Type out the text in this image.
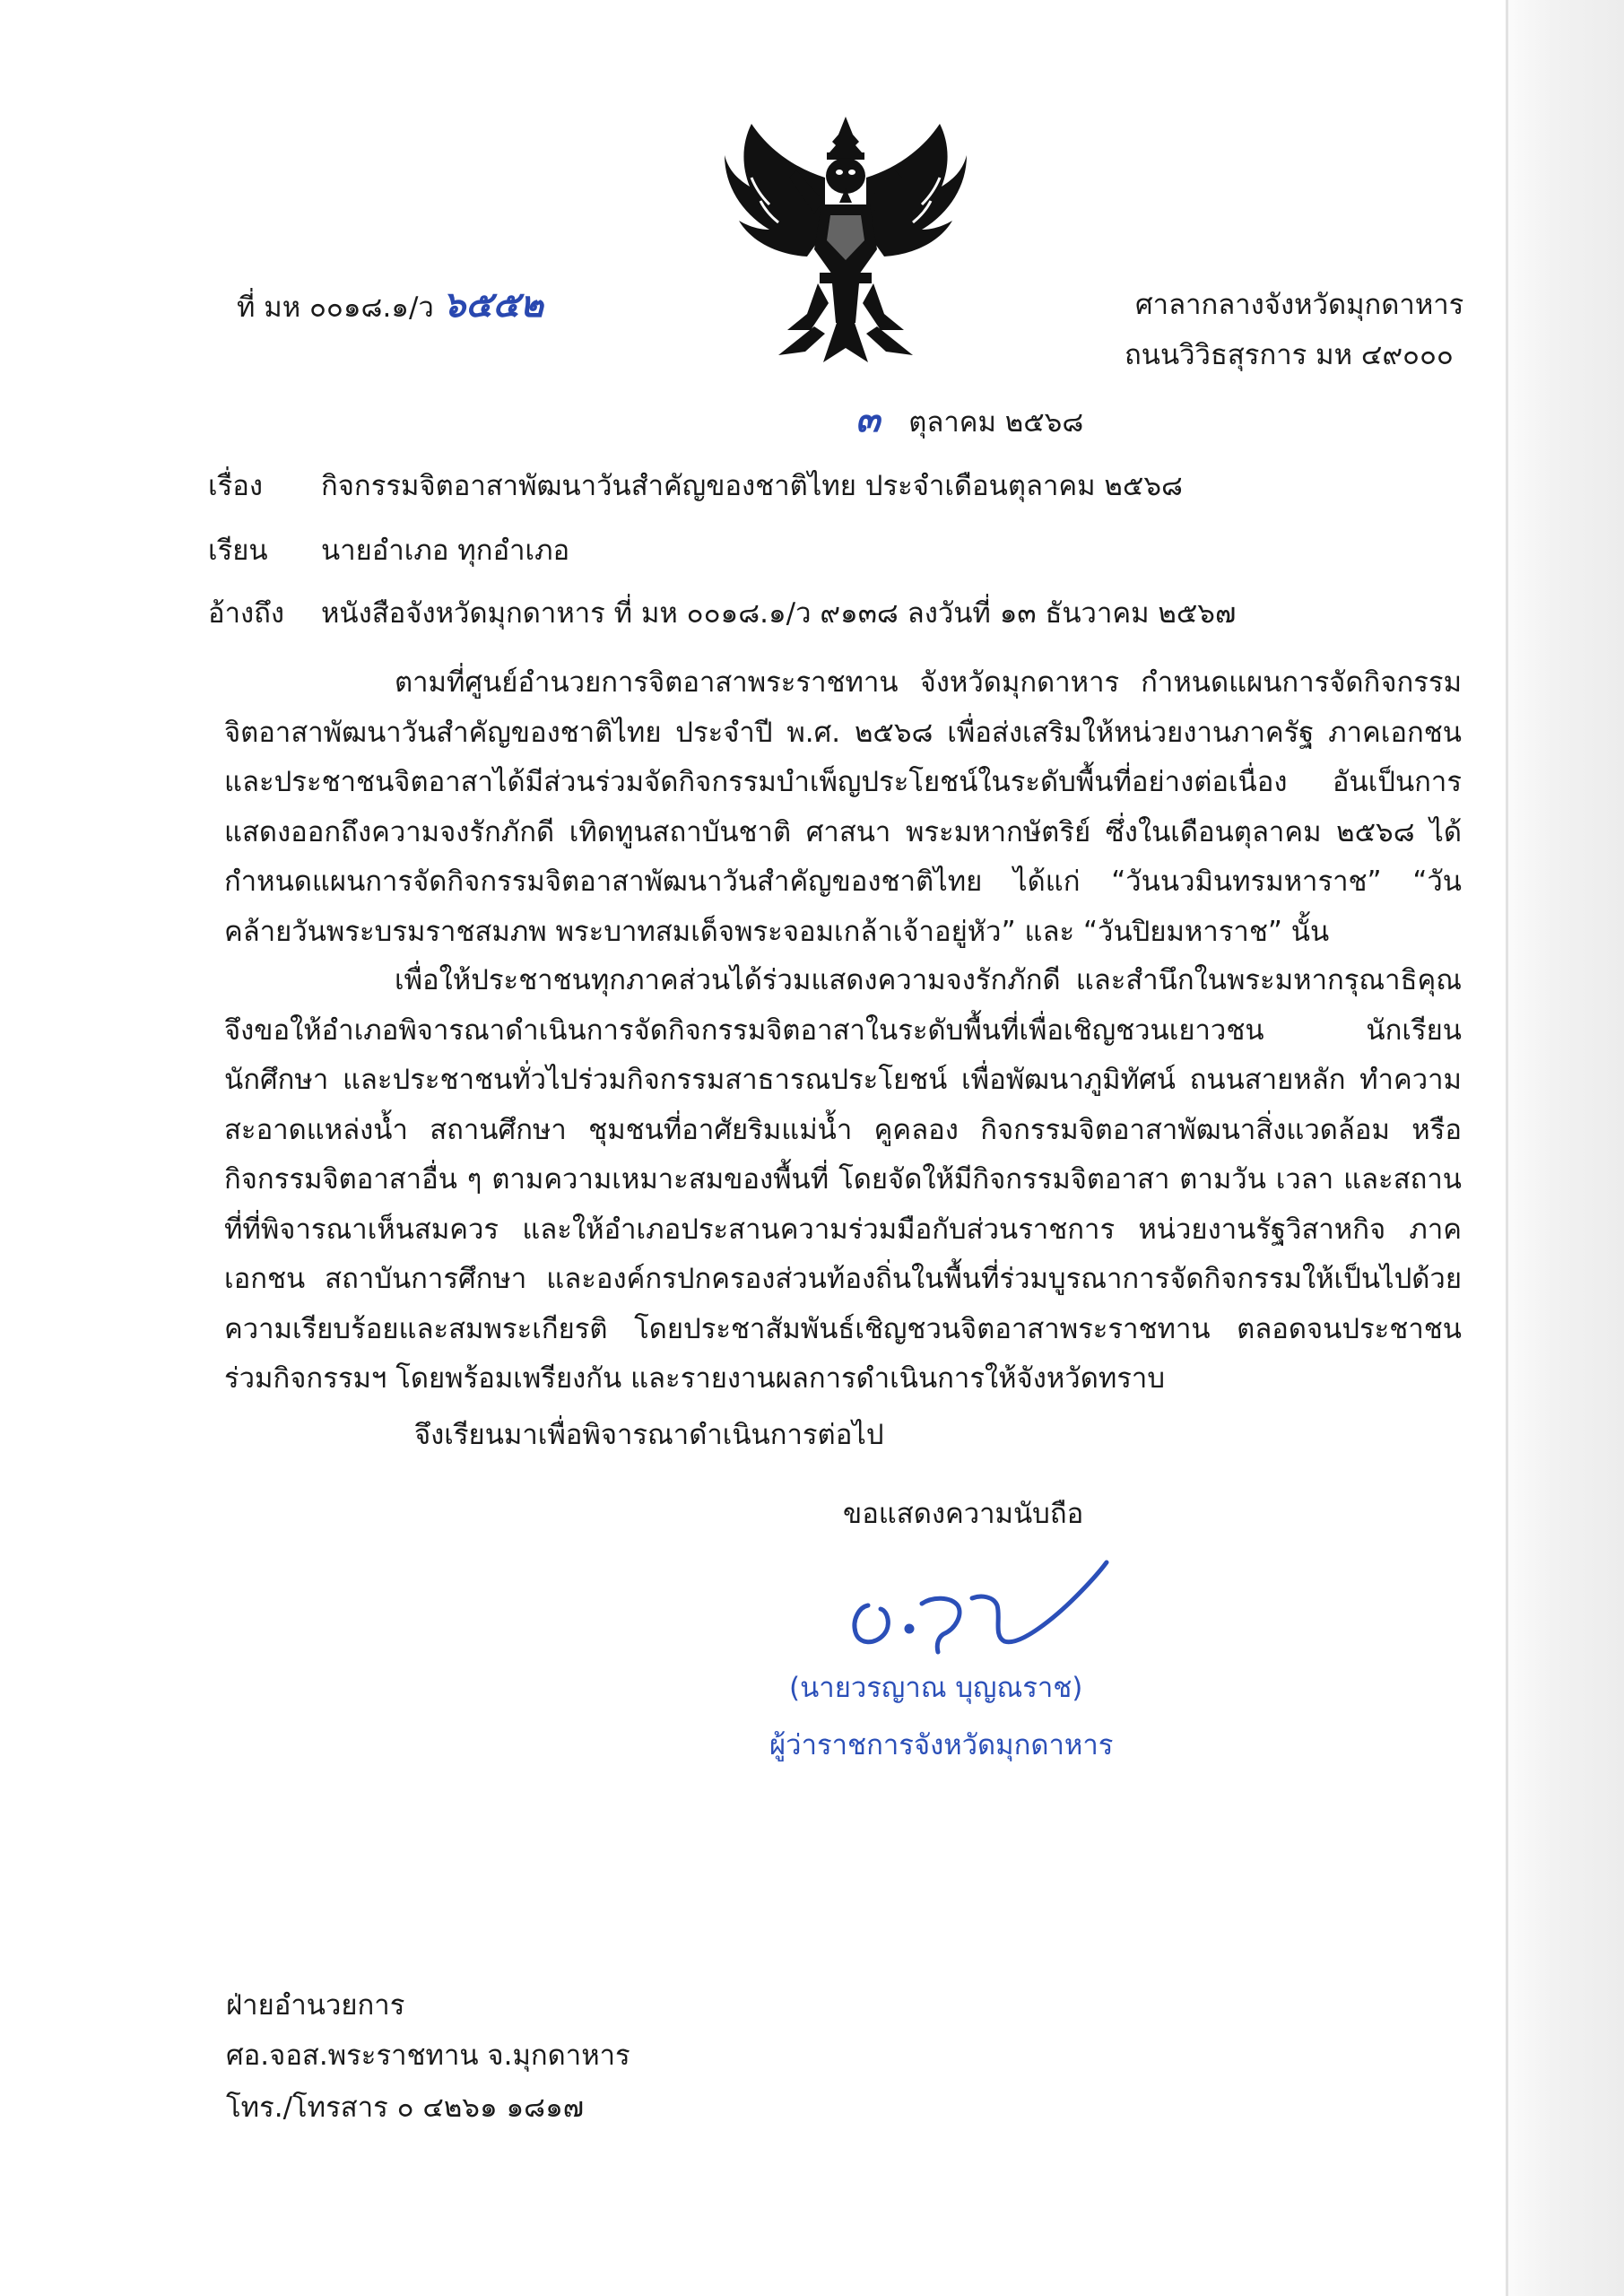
ที่ มห ๐๐๑๘.๑/ว ๖๕๕๒	ศาลากลางจังหวัดมุกดาหาร
ถนนวิวิธสุรการ มห ๔๙๐๐๐
๓ ตุลาคม ๒๕๖๘
เรื่อง กิจกรรมจิตอาสาพัฒนาวันสำคัญของชาติไทย ประจำเดือนตุลาคม ๒๕๖๘
เรียน นายอำเภอ ทุกอำเภอ
อ้างถึง หนังสือจังหวัดมุกดาหาร ที่ มห ๐๐๑๘.๑/ว ๙๑๓๘ ลงวันที่ ๑๓ ธันวาคม ๒๕๖๗
ตามที่ศูนย์อำนวยการจิตอาสาพระราชทาน จังหวัดมุกดาหาร กำหนดแผนการจัดกิจกรรมจิตอาสาพัฒนาวันสำคัญของชาติไทย ประจำปี พ.ศ. ๒๕๖๘ เพื่อส่งเสริมให้หน่วยงานภาครัฐ ภาคเอกชน และประชาชนจิตอาสาได้มีส่วนร่วมจัดกิจกรรมบำเพ็ญประโยชน์ในระดับพื้นที่อย่างต่อเนื่อง อันเป็นการแสดงออกถึงความจงรักภักดี เทิดทูนสถาบันชาติ ศาสนา พระมหากษัตริย์ ซึ่งในเดือนตุลาคม ๒๕๖๘ ได้กำหนดแผนการจัดกิจกรรมจิตอาสาพัฒนาวันสำคัญของชาติไทย ได้แก่ “วันนวมินทรมหาราช” “วันคล้ายวันพระบรมราชสมภพ พระบาทสมเด็จพระจอมเกล้าเจ้าอยู่หัว” และ “วันปิยมหาราช” นั้น
เพื่อให้ประชาชนทุกภาคส่วนได้ร่วมแสดงความจงรักภักดี และสำนึกในพระมหากรุณาธิคุณ จึงขอให้อำเภอพิจารณาดำเนินการจัดกิจกรรมจิตอาสาในระดับพื้นที่เพื่อเชิญชวนเยาวชน นักเรียน นักศึกษา และประชาชนทั่วไปร่วมกิจกรรมสาธารณประโยชน์ เพื่อพัฒนาภูมิทัศน์ ถนนสายหลัก ทำความสะอาดแหล่งน้ำ สถานศึกษา ชุมชนที่อาศัยริมแม่น้ำ คูคลอง กิจกรรมจิตอาสาพัฒนาสิ่งแวดล้อม หรือกิจกรรมจิตอาสาอื่น ๆ ตามความเหมาะสมของพื้นที่ โดยจัดให้มีกิจกรรมจิตอาสา ตามวัน เวลา และสถานที่ที่พิจารณาเห็นสมควร และให้อำเภอประสานความร่วมมือกับส่วนราชการ หน่วยงานรัฐวิสาหกิจ ภาคเอกชน สถาบันการศึกษา และองค์กรปกครองส่วนท้องถิ่นในพื้นที่ร่วมบูรณาการจัดกิจกรรมให้เป็นไปด้วยความเรียบร้อยและสมพระเกียรติ โดยประชาสัมพันธ์เชิญชวนจิตอาสาพระราชทาน ตลอดจนประชาชนร่วมกิจกรรมฯ โดยพร้อมเพรียงกัน และรายงานผลการดำเนินการให้จังหวัดทราบ
จึงเรียนมาเพื่อพิจารณาดำเนินการต่อไป
ขอแสดงความนับถือ
(นายวรญาณ บุญณราช)
ผู้ว่าราชการจังหวัดมุกดาหาร
ฝ่ายอำนวยการ
ศอ.จอส.พระราชทาน จ.มุกดาหาร
โทร./โทรสาร ๐ ๔๒๖๑ ๑๘๑๗
